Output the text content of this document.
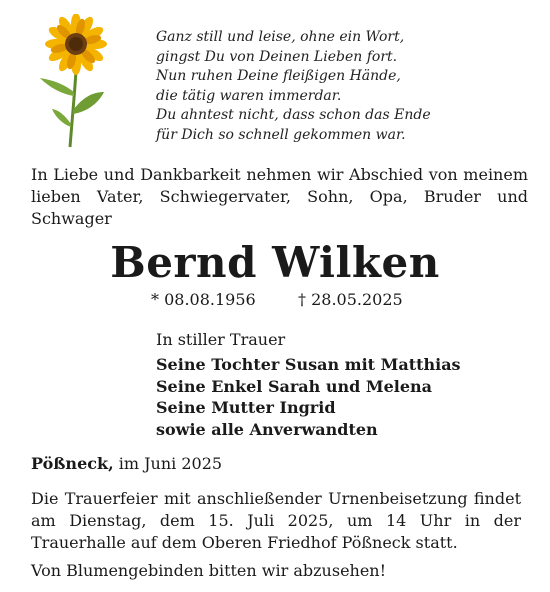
Ganz still und leise, ohne ein Wort,
gingst Du von Deinen Lieben fort.
Nun ruhen Deine fleißigen Hände,
die tätig waren immerdar.
Du ahntest nicht, dass schon das Ende
für Dich so schnell gekommen war.
In Liebe und Dankbarkeit nehmen wir Abschied von meinem lieben Vater, Schwiegervater, Sohn, Opa, Bruder und Schwager
Bernd Wilken
* 08.08.1956	† 28.05.2025
In stiller Trauer
Seine Tochter Susan mit Matthias
Seine Enkel Sarah und Melena
Seine Mutter Ingrid
sowie alle Anverwandten
Pößneck, im Juni 2025
Die Trauerfeier mit anschließender Urnenbeisetzung findet am Dienstag, dem 15. Juli 2025, um 14 Uhr in der Trauerhalle auf dem Oberen Friedhof Pößneck statt.
Von Blumengebinden bitten wir abzusehen!
